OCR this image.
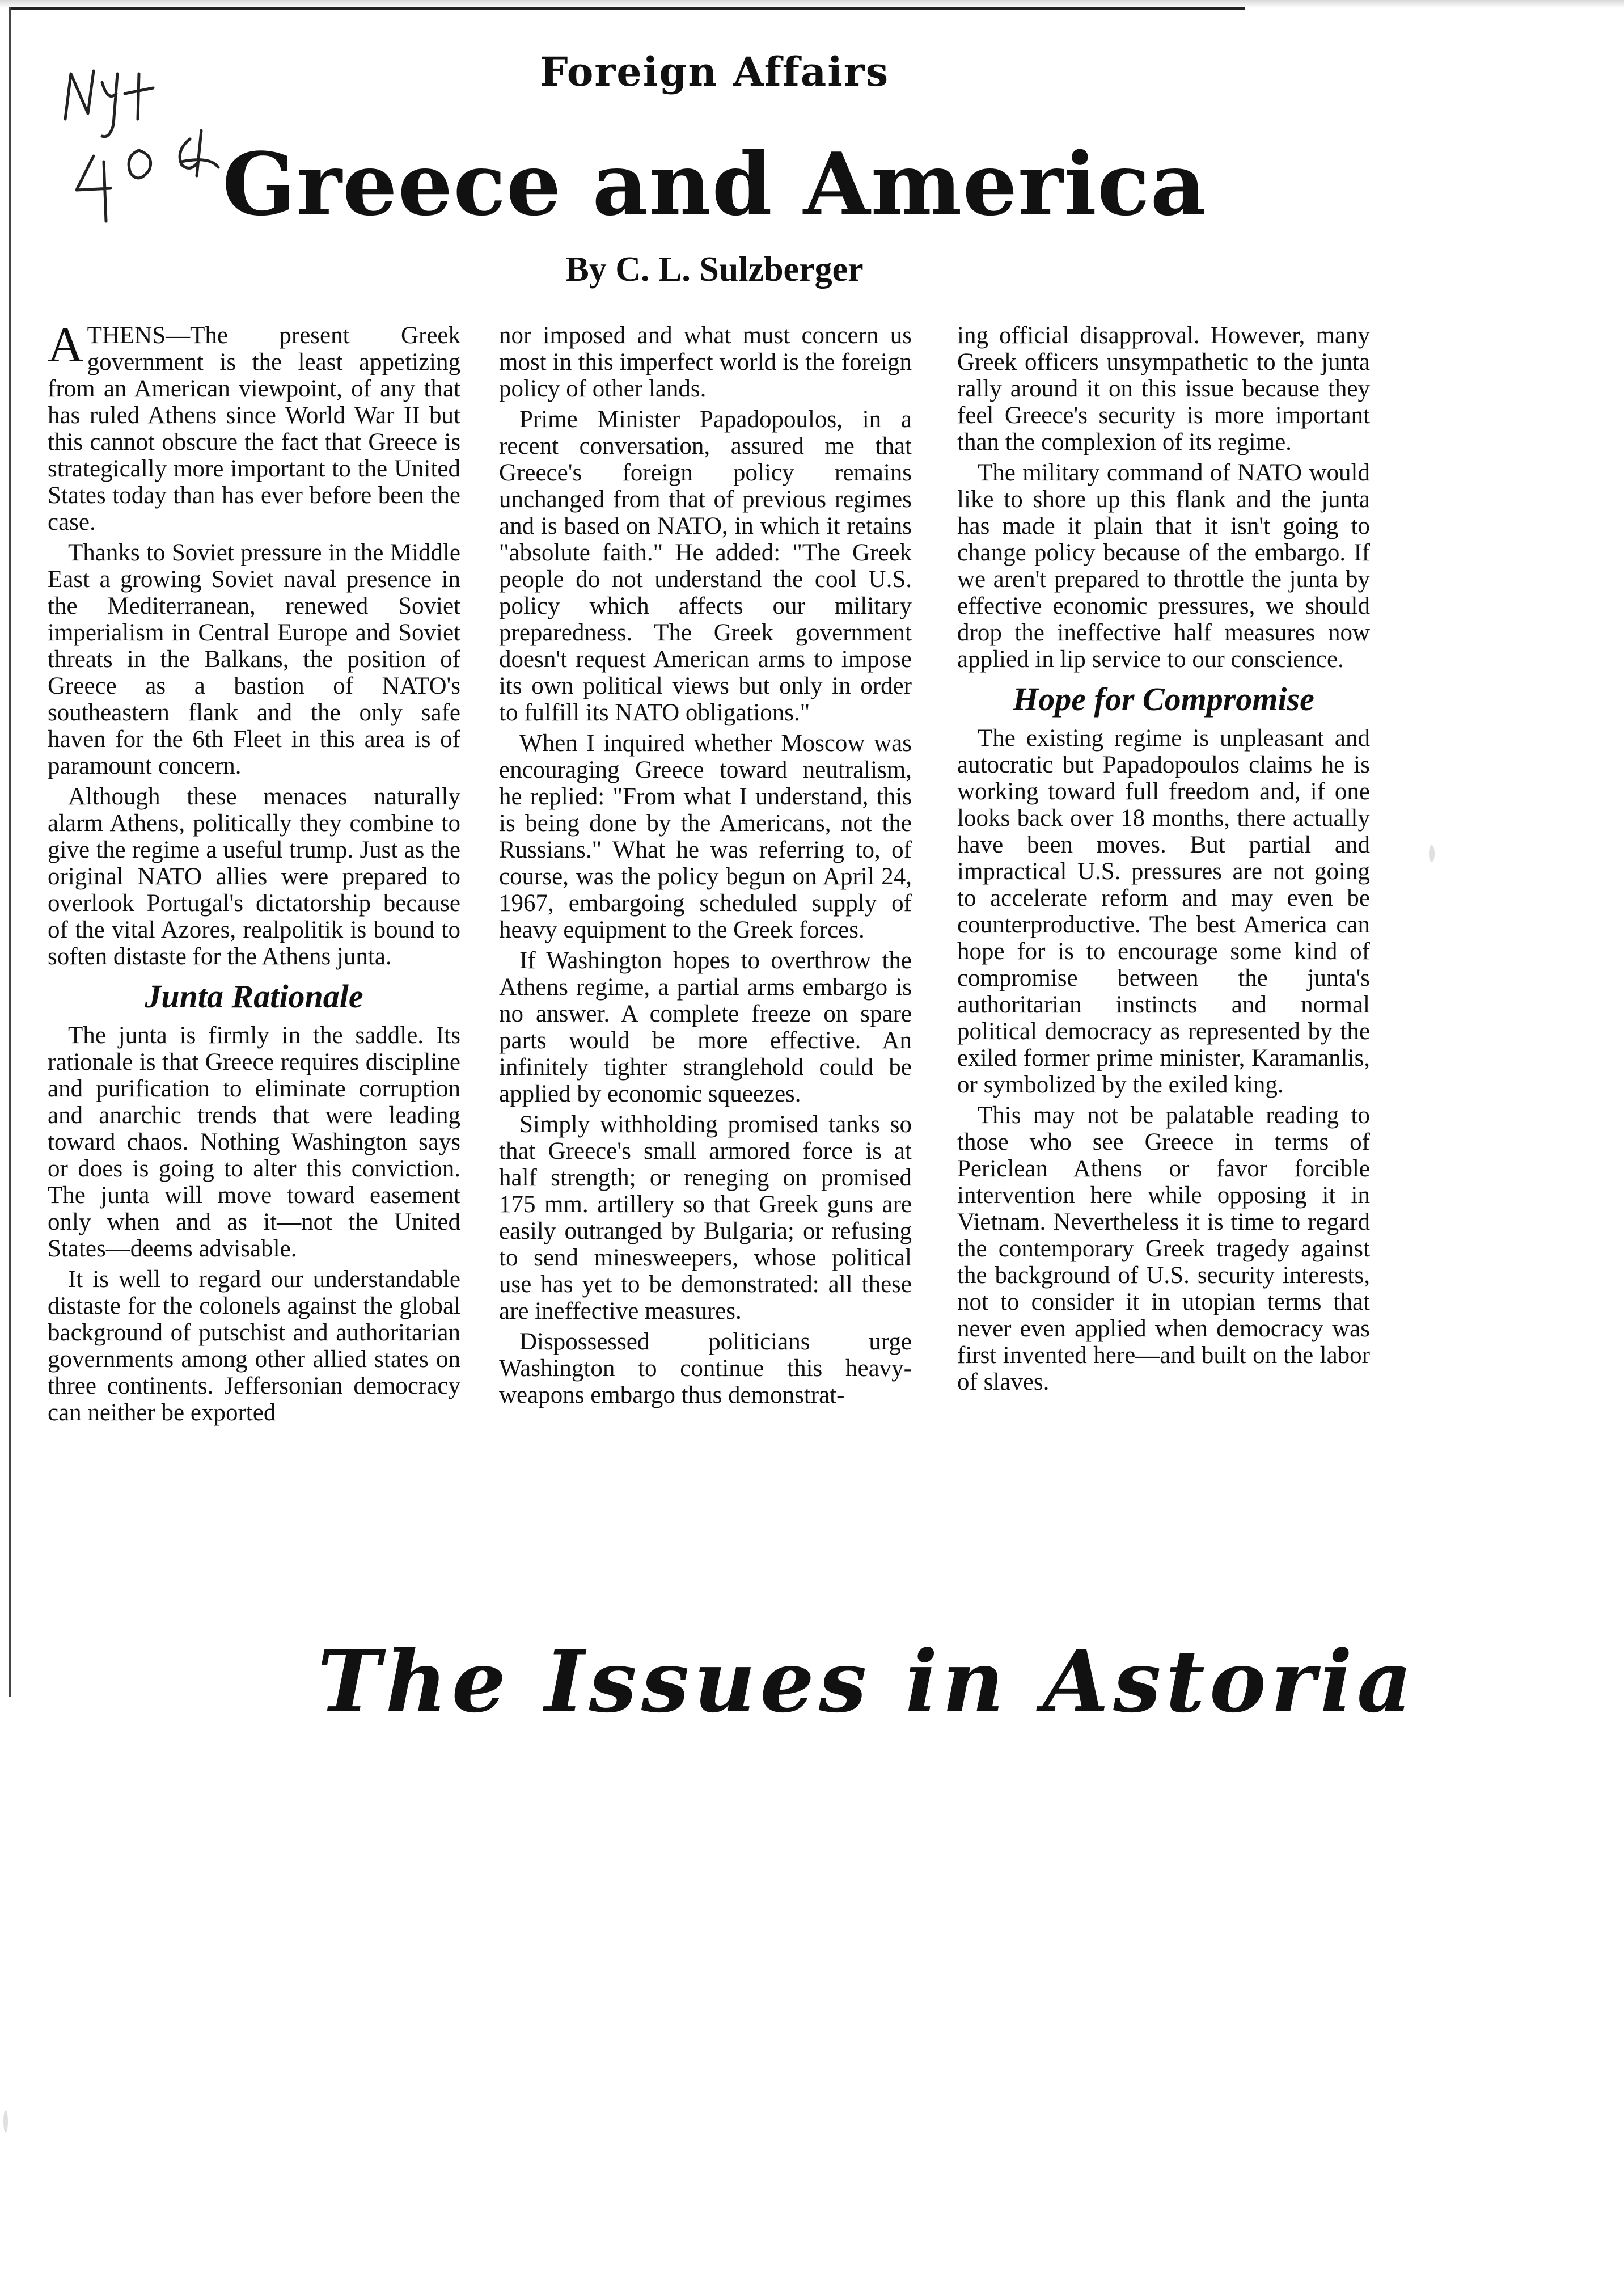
Foreign Affairs
Greece and America
By C. L. Sulzberger

ATHENS—The present Greek government is the least appetizing from an American viewpoint, of any that has ruled Athens since World War II but this cannot obscure the fact that Greece is strategically more important to the United States today than has ever before been the case.

Thanks to Soviet pressure in the Middle East a growing Soviet naval presence in the Mediterranean, renewed Soviet imperialism in Central Europe and Soviet threats in the Balkans, the position of Greece as a bastion of NATO's southeastern flank and the only safe haven for the 6th Fleet in this area is of paramount concern.

Although these menaces naturally alarm Athens, politically they combine to give the regime a useful trump. Just as the original NATO allies were prepared to overlook Portugal's dictatorship because of the vital Azores, realpolitik is bound to soften distaste for the Athens junta.

Junta Rationale

The junta is firmly in the saddle. Its rationale is that Greece requires discipline and purification to eliminate corruption and anarchic trends that were leading toward chaos. Nothing Washington says or does is going to alter this conviction. The junta will move toward easement only when and as it—not the United States—deems advisable.

It is well to regard our understandable distaste for the colonels against the global background of putschist and authoritarian governments among other allied states on three continents. Jeffersonian democracy can neither be exported

nor imposed and what must concern us most in this imperfect world is the foreign policy of other lands.

Prime Minister Papadopoulos, in a recent conversation, assured me that Greece's foreign policy remains unchanged from that of previous regimes and is based on NATO, in which it retains "absolute faith." He added: "The Greek people do not understand the cool U.S. policy which affects our military preparedness. The Greek government doesn't request American arms to impose its own political views but only in order to fulfill its NATO obligations."

When I inquired whether Moscow was encouraging Greece toward neutralism, he replied: "From what I understand, this is being done by the Americans, not the Russians." What he was referring to, of course, was the policy begun on April 24, 1967, embargoing scheduled supply of heavy equipment to the Greek forces.

If Washington hopes to overthrow the Athens regime, a partial arms embargo is no answer. A complete freeze on spare parts would be more effective. An infinitely tighter stranglehold could be applied by economic squeezes.

Simply withholding promised tanks so that Greece's small armored force is at half strength; or reneging on promised 175 mm. artillery so that Greek guns are easily outranged by Bulgaria; or refusing to send minesweepers, whose political use has yet to be demonstrated: all these are ineffective measures.

Dispossessed politicians urge Washington to continue this heavy-weapons embargo thus demonstrat-

ing official disapproval. However, many Greek officers unsympathetic to the junta rally around it on this issue because they feel Greece's security is more important than the complexion of its regime.

The military command of NATO would like to shore up this flank and the junta has made it plain that it isn't going to change policy because of the embargo. If we aren't prepared to throttle the junta by effective economic pressures, we should drop the ineffective half measures now applied in lip service to our conscience.

Hope for Compromise

The existing regime is unpleasant and autocratic but Papadopoulos claims he is working toward full freedom and, if one looks back over 18 months, there actually have been moves. But partial and impractical U.S. pressures are not going to accelerate reform and may even be counterproductive. The best America can hope for is to encourage some kind of compromise between the junta's authoritarian instincts and normal political democracy as represented by the exiled former prime minister, Karamanlis, or symbolized by the exiled king.

This may not be palatable reading to those who see Greece in terms of Periclean Athens or favor forcible intervention here while opposing it in Vietnam. Nevertheless it is time to regard the contemporary Greek tragedy against the background of U.S. security interests, not to consider it in utopian terms that never even applied when democracy was first invented here—and built on the labor of slaves.

The Issues in Astoria
